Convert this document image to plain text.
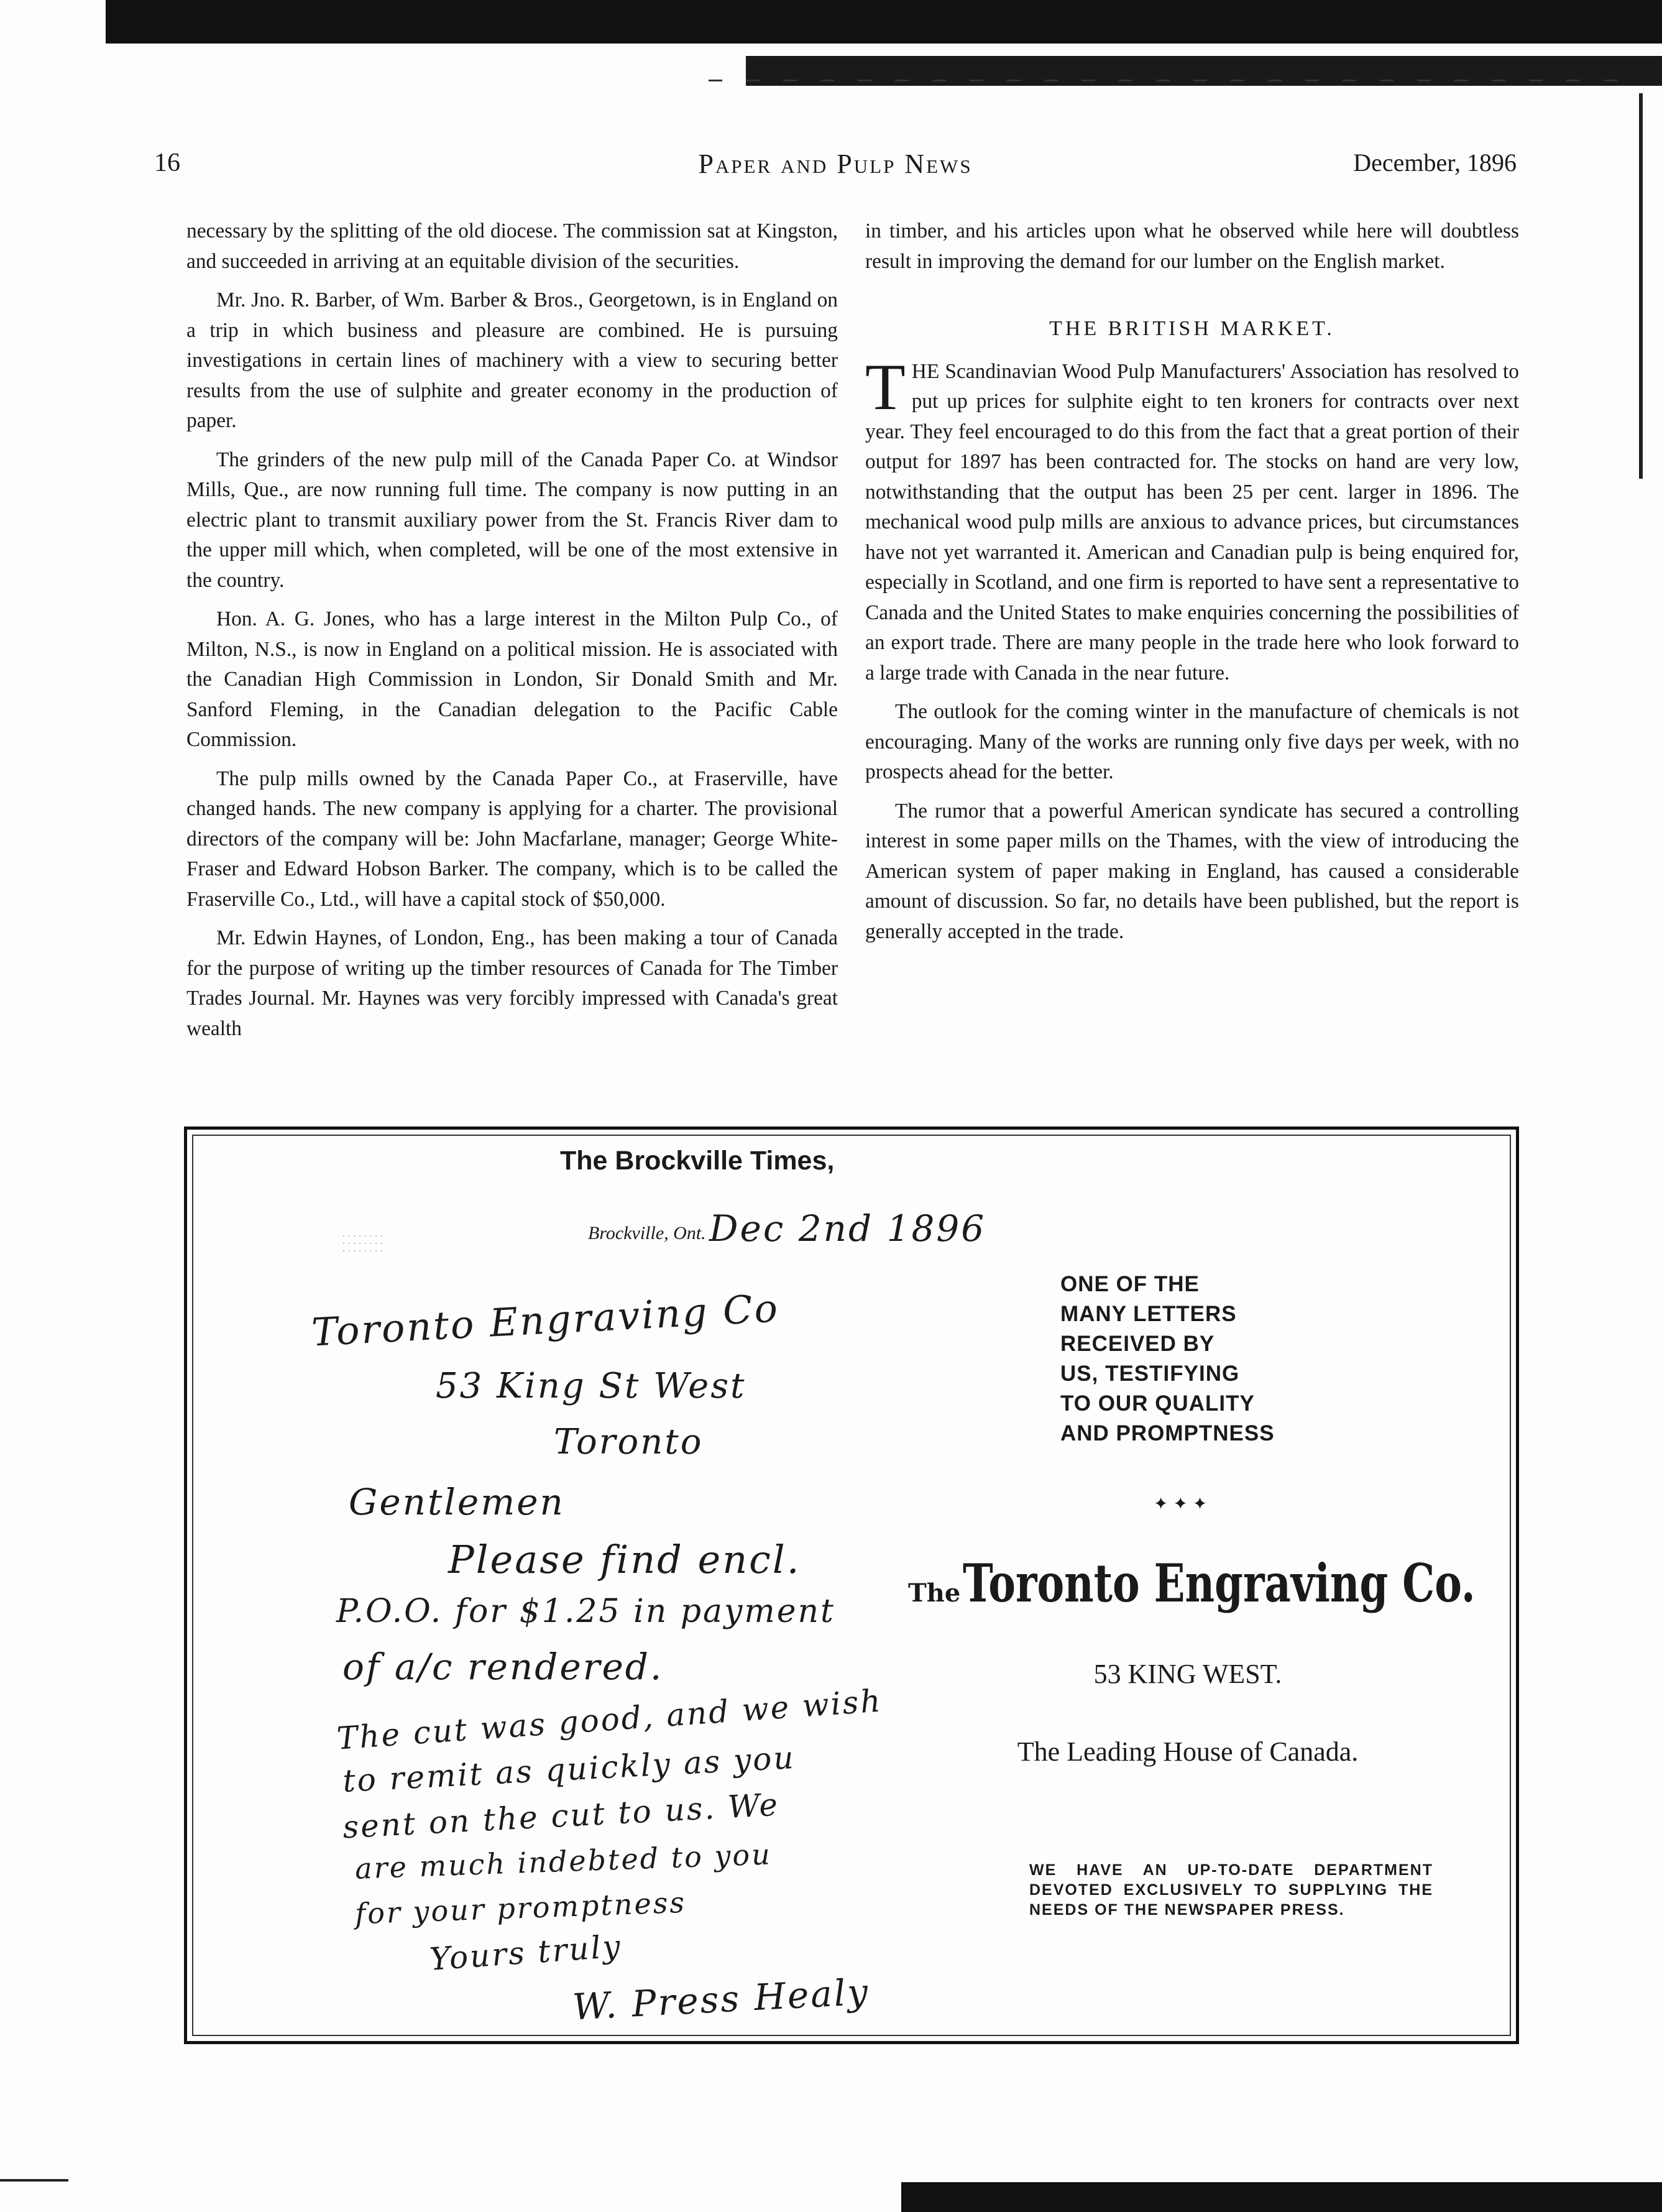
16	Paper and Pulp News	December, 1896

necessary by the splitting of the old diocese. The commission sat at Kingston, and succeeded in arriving at an equitable division of the securities.

Mr. Jno. R. Barber, of Wm. Barber & Bros., Georgetown, is in England on a trip in which business and pleasure are combined. He is pursuing investigations in certain lines of machinery with a view to securing better results from the use of sulphite and greater economy in the production of paper.

The grinders of the new pulp mill of the Canada Paper Co. at Windsor Mills, Que., are now running full time. The company is now putting in an electric plant to transmit auxiliary power from the St. Francis River dam to the upper mill which, when completed, will be one of the most extensive in the country.

Hon. A. G. Jones, who has a large interest in the Milton Pulp Co., of Milton, N.S., is now in England on a political mission. He is associated with the Canadian High Commission in London, Sir Donald Smith and Mr. Sanford Fleming, in the Canadian delegation to the Pacific Cable Commission.

The pulp mills owned by the Canada Paper Co., at Fraserville, have changed hands. The new company is applying for a charter. The provisional directors of the company will be: John Macfarlane, manager; George White-Fraser and Edward Hobson Barker. The company, which is to be called the Fraserville Co., Ltd., will have a capital stock of $50,000.

Mr. Edwin Haynes, of London, Eng., has been making a tour of Canada for the purpose of writing up the timber resources of Canada for The Timber Trades Journal. Mr. Haynes was very forcibly impressed with Canada's great wealth

in timber, and his articles upon what he observed while here will doubtless result in improving the demand for our lumber on the English market.

THE BRITISH MARKET.

THE Scandinavian Wood Pulp Manufacturers' Association has resolved to put up prices for sulphite eight to ten kroners for contracts over next year. They feel encouraged to do this from the fact that a great portion of their output for 1897 has been contracted for. The stocks on hand are very low, notwithstanding that the output has been 25 per cent. larger in 1896. The mechanical wood pulp mills are anxious to advance prices, but circumstances have not yet warranted it. American and Canadian pulp is being enquired for, especially in Scotland, and one firm is reported to have sent a representative to Canada and the United States to make enquiries concerning the possibilities of an export trade. There are many people in the trade here who look forward to a large trade with Canada in the near future.

The outlook for the coming winter in the manufacture of chemicals is not encouraging. Many of the works are running only five days per week, with no prospects ahead for the better.

The rumor that a powerful American syndicate has secured a controlling interest in some paper mills on the Thames, with the view of introducing the American system of paper making in England, has caused a considerable amount of discussion. So far, no details have been published, but the report is generally accepted in the trade.

The Brockville Times,
· · · · · · · ·
· · · · · · · ·
· · · · · · · ·
Brockville, Ont. Dec 2nd 1896
Toronto Engraving Co
53 King St West
Toronto
Gentlemen
Please find encl.
P.O.O. for $1.25 in payment
of a/c rendered.
The cut was good, and we wish
to remit as quickly as you
sent on the cut to us. We
are much indebted to you
for your promptness
Yours truly
W. Press Healy
ONE OF THE
MANY LETTERS
RECEIVED BY
US, TESTIFYING
TO OUR QUALITY
AND PROMPTNESS
✦✦✦
The Toronto Engraving Co.
53 KING WEST.
The Leading House of Canada.
WE HAVE AN UP-TO-DATE DEPARTMENT DEVOTED EXCLUSIVELY TO SUPPLYING THE NEEDS OF THE NEWSPAPER PRESS.
